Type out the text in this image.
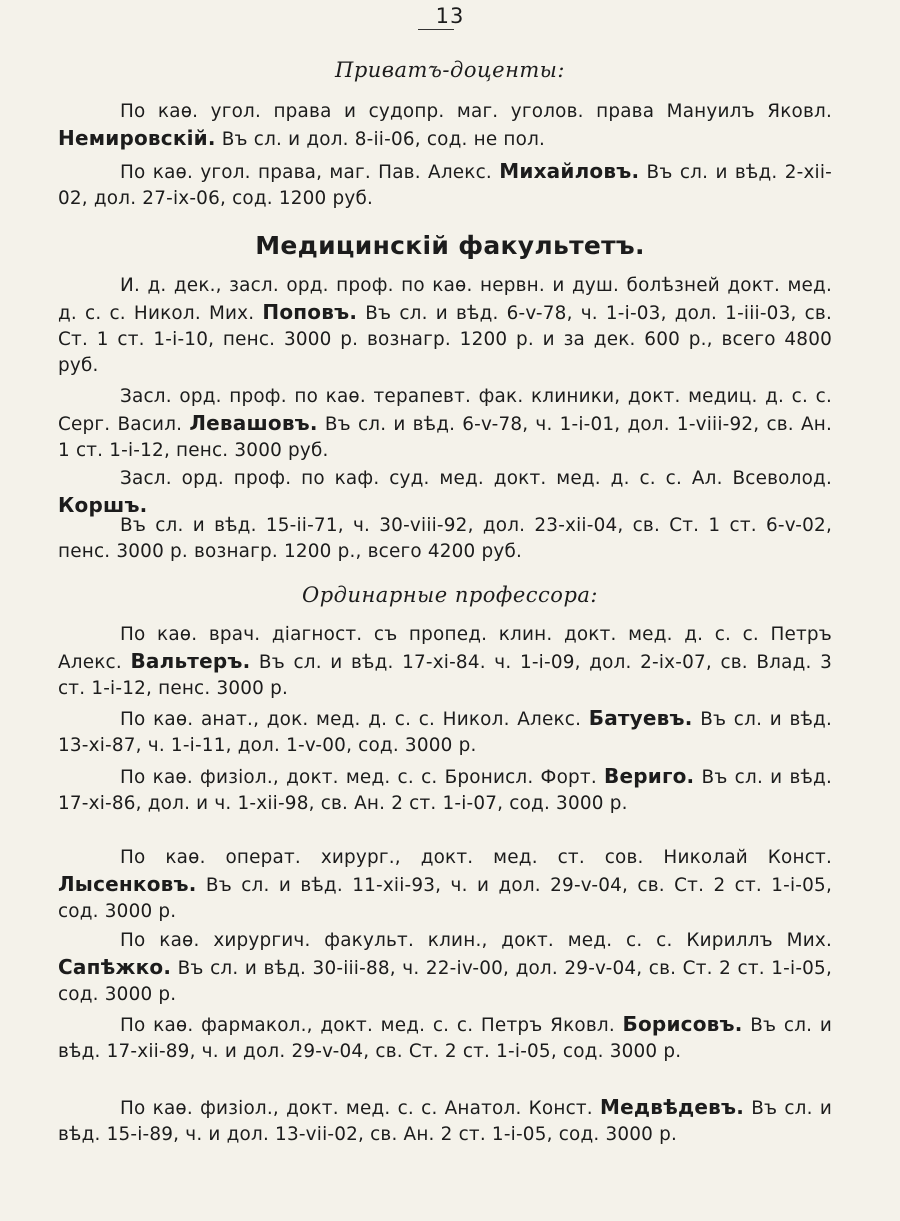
13
Приватъ-доценты:
По каѳ. угол. права и судопр. маг. уголов. права Мануилъ Яковл. Немировскій. Въ сл. и дол. 8-ii-06, сод. не пол.
По каѳ. угол. права, маг. Пав. Алекс. Михайловъ. Въ сл. и вѣд. 2-xii-02, дол. 27-ix-06, сод. 1200 руб.
Медицинскій факультетъ.
И. д. дек., засл. орд. проф. по каѳ. нервн. и душ. болѣзней докт. мед. д. с. с. Никол. Мих. Поповъ. Въ сл. и вѣд. 6-v-78, ч. 1-i-03, дол. 1-iii-03, св. Ст. 1 ст. 1-i-10, пенс. 3000 р. вознагр. 1200 р. и за дек. 600 р., всего 4800 руб.
Засл. орд. проф. по каѳ. терапевт. фак. клиники, докт. медиц. д. с. с. Серг. Васил. Левашовъ. Въ сл. и вѣд. 6-v-78, ч. 1-i-01, дол. 1-viii-92, св. Ан. 1 ст. 1-i-12, пенс. 3000 руб.
Засл. орд. проф. по каф. суд. мед. докт. мед. д. с. с. Ал. Всеволод. Коршъ.
Въ сл. и вѣд. 15-ii-71, ч. 30-viii-92, дол. 23-xii-04, св. Ст. 1 ст. 6-v-02, пенс. 3000 р. вознагр. 1200 р., всего 4200 руб.
Ординарные профессора:
По каѳ. врач. діагност. съ пропед. клин. докт. мед. д. с. с. Петръ Алекс. Вальтеръ. Въ сл. и вѣд. 17-xi-84. ч. 1-i-09, дол. 2-ix-07, св. Влад. 3 ст. 1-i-12, пенс. 3000 р.
По каѳ. анат., док. мед. д. с. с. Никол. Алекс. Батуевъ. Въ сл. и вѣд. 13-xi-87, ч. 1-i-11, дол. 1-v-00, сод. 3000 р.
По каѳ. физіол., докт. мед. с. с. Бронисл. Форт. Вериго. Въ сл. и вѣд. 17-xi-86, дол. и ч. 1-xii-98, св. Ан. 2 ст. 1-i-07, сод. 3000 р.
По каѳ. операт. хирург., докт. мед. ст. сов. Николай Конст. Лысенковъ. Въ сл. и вѣд. 11-xii-93, ч. и дол. 29-v-04, св. Ст. 2 ст. 1-i-05, сод. 3000 р.
По каѳ. хирургич. факульт. клин., докт. мед. с. с. Кириллъ Мих. Сапѣжко. Въ сл. и вѣд. 30-iii-88, ч. 22-iv-00, дол. 29-v-04, св. Ст. 2 ст. 1-i-05, сод. 3000 р.
По каѳ. фармакол., докт. мед. с. с. Петръ Яковл. Борисовъ. Въ сл. и вѣд. 17-xii-89, ч. и дол. 29-v-04, св. Ст. 2 ст. 1-i-05, сод. 3000 р.
По каѳ. физіол., докт. мед. с. с. Анатол. Конст. Медвѣдевъ. Въ сл. и вѣд. 15-i-89, ч. и дол. 13-vii-02, св. Ан. 2 ст. 1-i-05, сод. 3000 р.
